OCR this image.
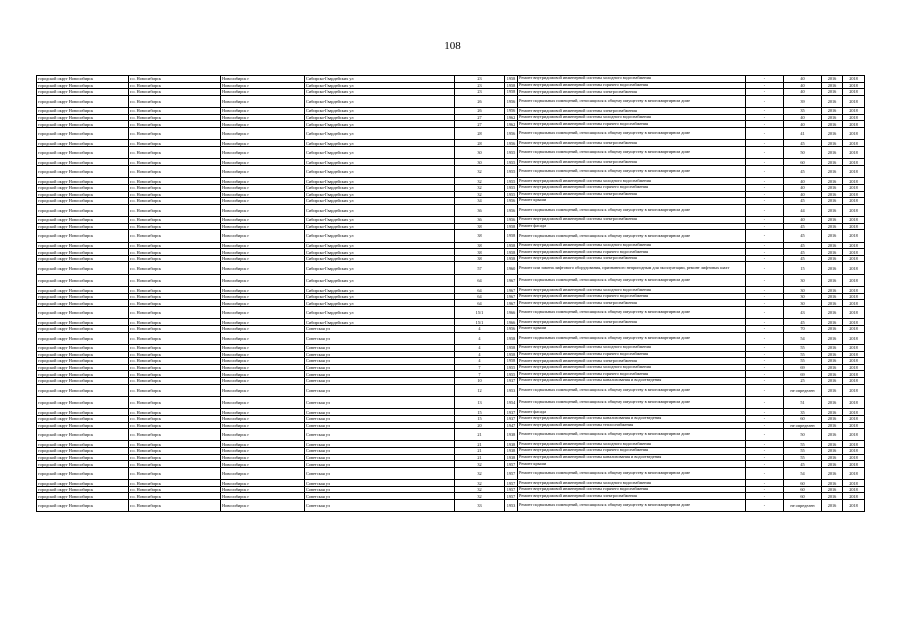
108
городской округ Новосибирск	г.о. Новосибирск	Новосибирск г	Сибирско-Гвардейских ул	23	1958	Ремонт внутридомовой инженерной системы холодного водоснабжения	-	40	2016	2018
городской округ Новосибирск	г.о. Новосибирск	Новосибирск г	Сибирско-Гвардейских ул	23	1958	Ремонт внутридомовой инженерной системы горячего водоснабжения	-	40	2016	2018
городской округ Новосибирск	г.о. Новосибирск	Новосибирск г	Сибирско-Гвардейских ул	23	1958	Ремонт внутридомовой инженерной системы электроснабжения	-	40	2016	2018
городской округ Новосибирск	г.о. Новосибирск	Новосибирск г	Сибирско-Гвардейских ул	26	1956	Ремонт подвальных помещений, относящихся к общему имуществу в многоквартирном доме	-	39	2016	2018
городской округ Новосибирск	г.о. Новосибирск	Новосибирск г	Сибирско-Гвардейских ул	26	1956	Ремонт внутридомовой инженерной системы электроснабжения	-	35	2016	2018
городской округ Новосибирск	г.о. Новосибирск	Новосибирск г	Сибирско-Гвардейских ул	27	1962	Ремонт внутридомовой инженерной системы холодного водоснабжения	-	40	2016	2018
городской округ Новосибирск	г.о. Новосибирск	Новосибирск г	Сибирско-Гвардейских ул	27	1962	Ремонт внутридомовой инженерной системы горячего водоснабжения	-	40	2016	2018
городской округ Новосибирск	г.о. Новосибирск	Новосибирск г	Сибирско-Гвардейских ул	28	1956	Ремонт подвальных помещений, относящихся к общему имуществу в многоквартирном доме	-	41	2016	2018
городской округ Новосибирск	г.о. Новосибирск	Новосибирск г	Сибирско-Гвардейских ул	28	1956	Ремонт внутридомовой инженерной системы электроснабжения	-	45	2016	2018
городской округ Новосибирск	г.о. Новосибирск	Новосибирск г	Сибирско-Гвардейских ул	30	1955	Ремонт подвальных помещений, относящихся к общему имуществу в многоквартирном доме	-	50	2016	2018
городской округ Новосибирск	г.о. Новосибирск	Новосибирск г	Сибирско-Гвардейских ул	30	1955	Ремонт внутридомовой инженерной системы электроснабжения	-	60	2016	2018
городской округ Новосибирск	г.о. Новосибирск	Новосибирск г	Сибирско-Гвардейских ул	32	1955	Ремонт подвальных помещений, относящихся к общему имуществу в многоквартирном доме	-	45	2016	2018
городской округ Новосибирск	г.о. Новосибирск	Новосибирск г	Сибирско-Гвардейских ул	32	1955	Ремонт внутридомовой инженерной системы холодного водоснабжения	-	40	2016	2018
городской округ Новосибирск	г.о. Новосибирск	Новосибирск г	Сибирско-Гвардейских ул	32	1955	Ремонт внутридомовой инженерной системы горячего водоснабжения	-	40	2016	2018
городской округ Новосибирск	г.о. Новосибирск	Новосибирск г	Сибирско-Гвардейских ул	32	1955	Ремонт внутридомовой инженерной системы электроснабжения	-	40	2016	2018
городской округ Новосибирск	г.о. Новосибирск	Новосибирск г	Сибирско-Гвардейских ул	34	1956	Ремонт крыши	-	45	2016	2018
городской округ Новосибирск	г.о. Новосибирск	Новосибирск г	Сибирско-Гвардейских ул	36	1956	Ремонт подвальных помещений, относящихся к общему имуществу в многоквартирном доме	-	44	2016	2018
городской округ Новосибирск	г.о. Новосибирск	Новосибирск г	Сибирско-Гвардейских ул	36	1956	Ремонт внутридомовой инженерной системы электроснабжения	-	40	2016	2018
городской округ Новосибирск	г.о. Новосибирск	Новосибирск г	Сибирско-Гвардейских ул	38	1958	Ремонт фасада	-	45	2016	2018
городской округ Новосибирск	г.о. Новосибирск	Новосибирск г	Сибирско-Гвардейских ул	38	1958	Ремонт подвальных помещений, относящихся к общему имуществу в многоквартирном доме	-	45	2016	2018
городской округ Новосибирск	г.о. Новосибирск	Новосибирск г	Сибирско-Гвардейских ул	38	1958	Ремонт внутридомовой инженерной системы холодного водоснабжения	-	45	2016	2018
городской округ Новосибирск	г.о. Новосибирск	Новосибирск г	Сибирско-Гвардейских ул	38	1958	Ремонт внутридомовой инженерной системы горячего водоснабжения	-	45	2016	2018
городской округ Новосибирск	г.о. Новосибирск	Новосибирск г	Сибирско-Гвардейских ул	38	1958	Ремонт внутридомовой инженерной системы электроснабжения	-	45	2016	2018
городской округ Новосибирск	г.о. Новосибирск	Новосибирск г	Сибирско-Гвардейских ул	57	1960	Ремонт или замена лифтового оборудования, признанного непригодным для эксплуатации, ремонт лифтовых шахт	-	15	2016	2018
городской округ Новосибирск	г.о. Новосибирск	Новосибирск г	Сибирско-Гвардейских ул	64	1967	Ремонт подвальных помещений, относящихся к общему имуществу в многоквартирном доме	-	30	2016	2018
городской округ Новосибирск	г.о. Новосибирск	Новосибирск г	Сибирско-Гвардейских ул	64	1967	Ремонт внутридомовой инженерной системы холодного водоснабжения	-	30	2016	2018
городской округ Новосибирск	г.о. Новосибирск	Новосибирск г	Сибирско-Гвардейских ул	64	1967	Ремонт внутридомовой инженерной системы горячего водоснабжения	-	30	2016	2018
городской округ Новосибирск	г.о. Новосибирск	Новосибирск г	Сибирско-Гвардейских ул	64	1967	Ремонт внутридомовой инженерной системы электроснабжения	-	30	2016	2018
городской округ Новосибирск	г.о. Новосибирск	Новосибирск г	Сибирско-Гвардейских ул	15/1	1966	Ремонт подвальных помещений, относящихся к общему имуществу в многоквартирном доме	-	43	2016	2018
городской округ Новосибирск	г.о. Новосибирск	Новосибирск г	Сибирско-Гвардейских ул	15/1	1966	Ремонт внутридомовой инженерной системы электроснабжения	-	45	2016	2018
городской округ Новосибирск	г.о. Новосибирск	Новосибирск г	Советская ул	4	1956	Ремонт крыши	-	70	2016	2018
городской округ Новосибирск	г.о. Новосибирск	Новосибирск г	Советская ул	4	1958	Ремонт подвальных помещений, относящихся к общему имуществу в многоквартирном доме	-	54	2016	2018
городской округ Новосибирск	г.о. Новосибирск	Новосибирск г	Советская ул	4	1958	Ремонт внутридомовой инженерной системы холодного водоснабжения	-	55	2016	2018
городской округ Новосибирск	г.о. Новосибирск	Новосибирск г	Советская ул	4	1958	Ремонт внутридомовой инженерной системы горячего водоснабжения	-	55	2016	2018
городской округ Новосибирск	г.о. Новосибирск	Новосибирск г	Советская ул	4	1958	Ремонт внутридомовой инженерной системы электроснабжения	-	55	2016	2018
городской округ Новосибирск	г.о. Новосибирск	Новосибирск г	Советская ул	7	1955	Ремонт внутридомовой инженерной системы холодного водоснабжения	-	69	2016	2018
городской округ Новосибирск	г.о. Новосибирск	Новосибирск г	Советская ул	7	1955	Ремонт внутридомовой инженерной системы горячего водоснабжения	-	69	2016	2018
городской округ Новосибирск	г.о. Новосибирск	Новосибирск г	Советская ул	10	1937	Ремонт внутридомовой инженерной системы канализования и водоотведения	-	25	2016	2018
городской округ Новосибирск	г.о. Новосибирск	Новосибирск г	Советская ул	12	1953	Ремонт подвальных помещений, относящихся к общему имуществу в многоквартирном доме	-	не определен	2016	2018
городской округ Новосибирск	г.о. Новосибирск	Новосибирск г	Советская ул	13	1954	Ремонт подвальных помещений, относящихся к общему имуществу в многоквартирном доме	-	51	2016	2018
городской округ Новосибирск	г.о. Новосибирск	Новосибирск г	Советская ул	15	1937	Ремонт фасада	-	35	2016	2018
городской округ Новосибирск	г.о. Новосибирск	Новосибирск г	Советская ул	15	1937	Ремонт внутридомовой инженерной системы канализования и водоотведения	-	60	2016	2018
городской округ Новосибирск	г.о. Новосибирск	Новосибирск г	Советская ул	20	1947	Ремонт внутридомовой инженерной системы теплоснабжения	-	не определен	2016	2018
городской округ Новосибирск	г.о. Новосибирск	Новосибирск г	Советская ул	21	1938	Ремонт подвальных помещений, относящихся к общему имуществу в многоквартирном доме	-	50	2016	2018
городской округ Новосибирск	г.о. Новосибирск	Новосибирск г	Советская ул	21	1938	Ремонт внутридомовой инженерной системы холодного водоснабжения	-	55	2016	2018
городской округ Новосибирск	г.о. Новосибирск	Новосибирск г	Советская ул	21	1938	Ремонт внутридомовой инженерной системы горячего водоснабжения	-	55	2016	2018
городской округ Новосибирск	г.о. Новосибирск	Новосибирск г	Советская ул	21	1938	Ремонт внутридомовой инженерной системы канализования и водоотведения	-	55	2016	2018
городской округ Новосибирск	г.о. Новосибирск	Новосибирск г	Советская ул	32	1957	Ремонт крыши	-	45	2016	2018
городской округ Новосибирск	г.о. Новосибирск	Новосибирск г	Советская ул	32	1957	Ремонт подвальных помещений, относящихся к общему имуществу в многоквартирном доме	-	54	2016	2018
городской округ Новосибирск	г.о. Новосибирск	Новосибирск г	Советская ул	32	1957	Ремонт внутридомовой инженерной системы холодного водоснабжения	-	60	2016	2018
городской округ Новосибирск	г.о. Новосибирск	Новосибирск г	Советская ул	32	1957	Ремонт внутридомовой инженерной системы горячего водоснабжения	-	60	2016	2018
городской округ Новосибирск	г.о. Новосибирск	Новосибирск г	Советская ул	32	1957	Ремонт внутридомовой инженерной системы электроснабжения	-	60	2016	2018
городской округ Новосибирск	г.о. Новосибирск	Новосибирск г	Советская ул	33	1953	Ремонт подвальных помещений, относящихся к общему имуществу в многоквартирном доме	-	не определен	2016	2018
